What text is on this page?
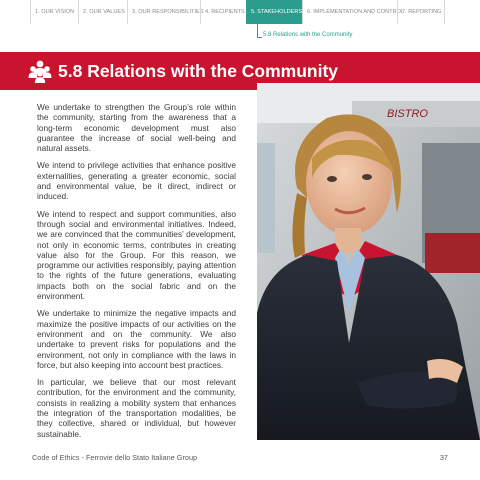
1. OUR VISION	2. OUR VALUES	3. OUR RESPONSIBILITIES 4. RECIPIENTS	5. STAKEHOLDERS 6. IMPLEMENTATION AND CONTROL
7. REPORTING
5.8 Relations with the Community
5.8 Relations with the Community

We undertake to strengthen the Group’s role within the community, starting from the awareness that a long-term economic development must also guarantee the increase of social well-being and natural assets.

We intend to privilege activities that enhance positive externalities, generating a greater economic, social and environmental value, be it direct, indirect or induced.

We intend to respect and support communities, also through social and environmental initiatives. Indeed, we are convinced that the communities’ development, not only in economic terms, contributes in creating value also for the Group. For this reason, we programme our activities responsibly, paying attention to the rights of the future generations, evaluating impacts both on the social fabric and on the environment.

We undertake to minimize the negative impacts and maximize the positive impacts of our activities on the environment and on the community. We also undertake to prevent risks for populations and the environment, not only in compliance with the laws in force, but also keeping into account best practices.

In particular, we believe that our most relevant contribution, for the environment and the community, consists in realizing a mobility system that enhances the integration of the transportation modalities, be they collective, shared or individual, but however sustainable.

BISTRO
Code of Ethics - Ferrovie dello Stato Italiane Group	37
